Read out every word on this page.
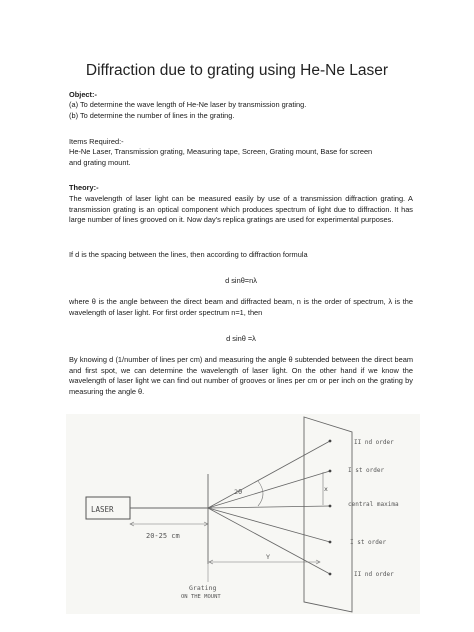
Diffraction due to grating using He-Ne Laser
Object:-
(a) To determine the wave length of He-Ne laser by transmission grating.
(b) To determine the number of lines in the grating.
Items Required:-
He-Ne Laser, Transmission grating, Measuring tape, Screen, Grating mount, Base for screen
and grating mount.
Theory:-
The wavelength of laser light can be measured easily by use of a transmission diffraction grating. A transmission grating is an optical component which produces spectrum of light due to diffraction. It has large number of lines grooved on it. Now day’s replica gratings are used for experimental purposes.
If d is the spacing between the lines, then according to diffraction formula
d sinθ=nλ
where θ is the angle between the direct beam and diffracted beam, n is the order of spectrum, λ is the wavelength of laser light. For first order spectrum n=1, then
d sinθ =λ
By knowing d (1/number of lines per cm) and measuring the angle θ subtended between the direct beam and first spot, we can determine the wavelength of laser light. On the other hand if we know the wavelength of laser light we can find out number of grooves or lines per cm or per inch on the grating by measuring the angle θ.
LASER
20-25 cm
2θ	x
Y
Grating
ON THE MOUNT
II nd order
I st order
central maxima
I st order
II nd order
